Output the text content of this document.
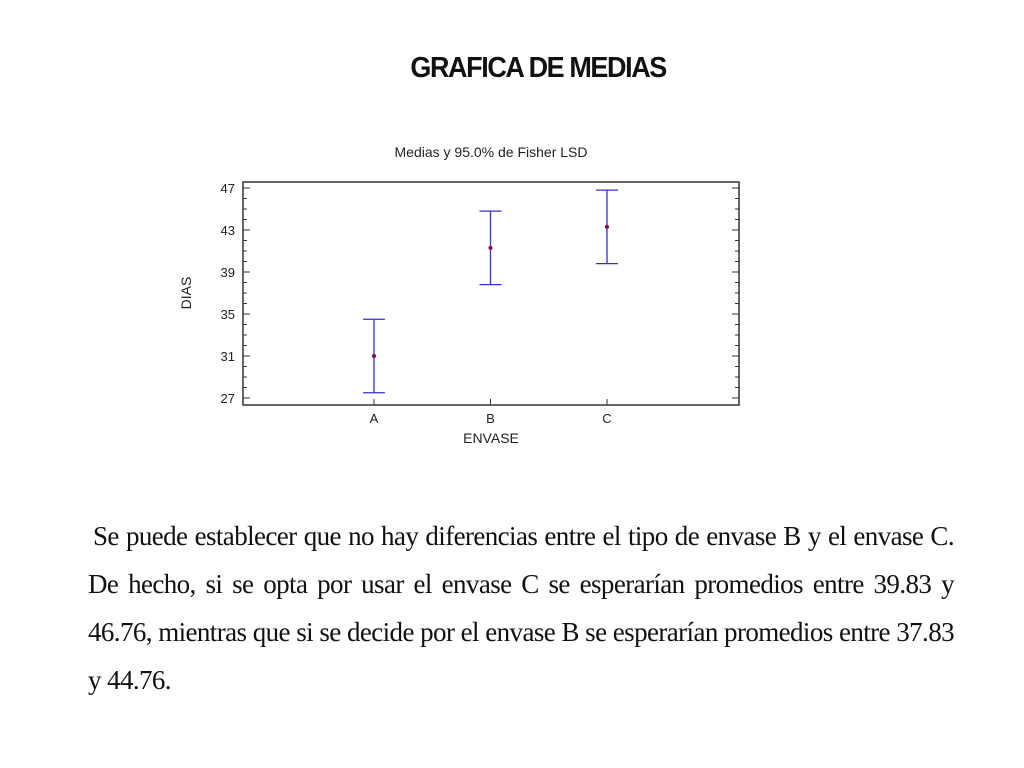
GRAFICA DE MEDIAS
Medias y 95.0% de Fisher LSD
27
31
35
39
43
47
A	B	C
ENVASE
DIAS
Se puede establecer que no hay diferencias entre el tipo de envase B y el envase C. De hecho, si se opta por usar el envase C se esperarían promedios entre 39.83 y 46.76, mientras que si se decide por el envase B se esperarían promedios entre 37.83 y 44.76.
